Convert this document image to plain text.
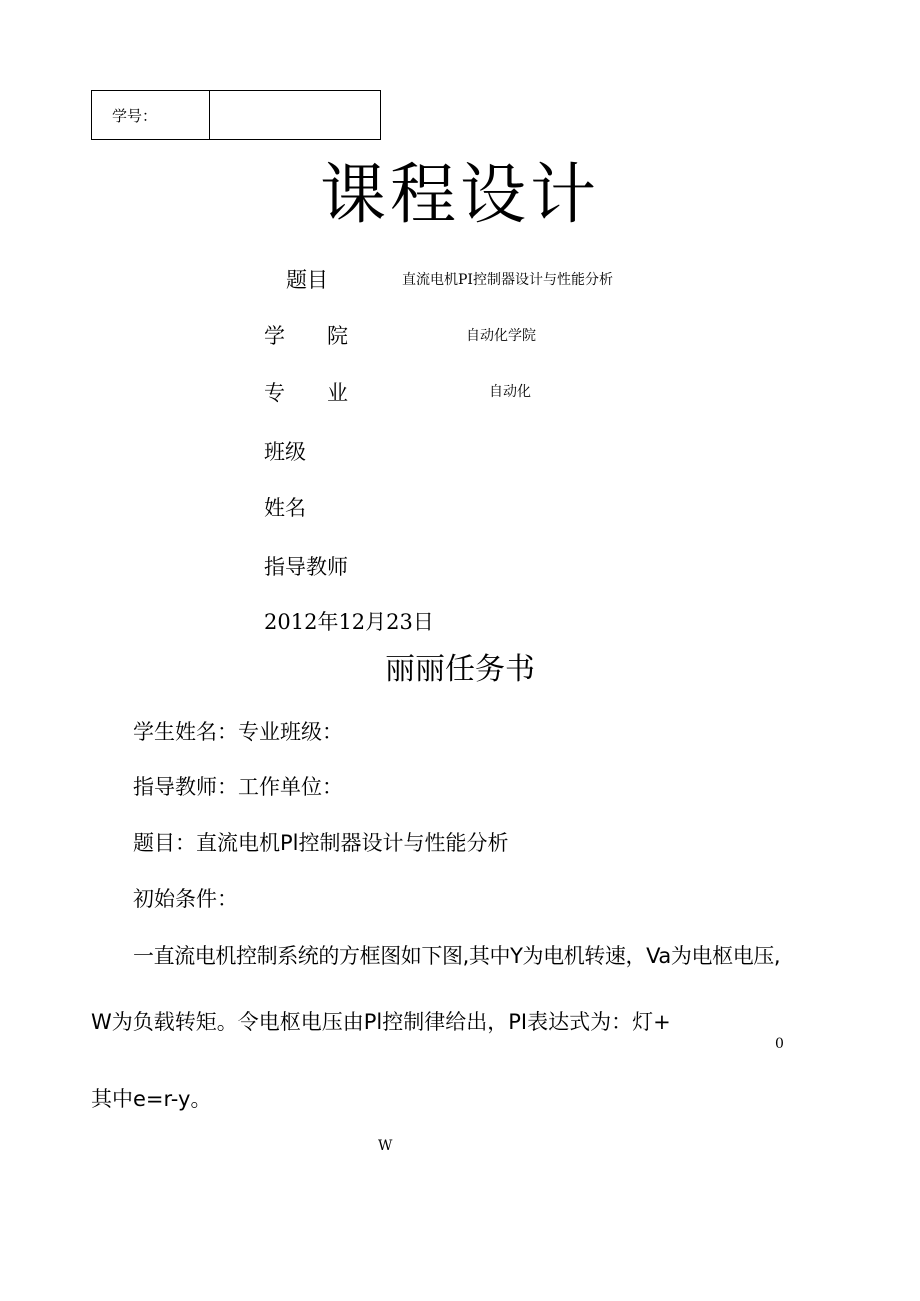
学号：
课程设计
题目	直流电机PI控制器设计与性能分析
学　　院	自动化学院
专　　业	自动化
班级
姓名
指导教师
2012年12月23日
丽丽任务书
学生姓名：专业班级：
指导教师：工作单位：
题目：直流电机Pl控制器设计与性能分析
初始条件：
一直流电机控制系统的方框图如下图,其中Y为电机转速，Va为电枢电压,
W为负载转矩。令电枢电压由Pl控制律给出，PI表达式为：灯+
0
其中e=r-y。
W
